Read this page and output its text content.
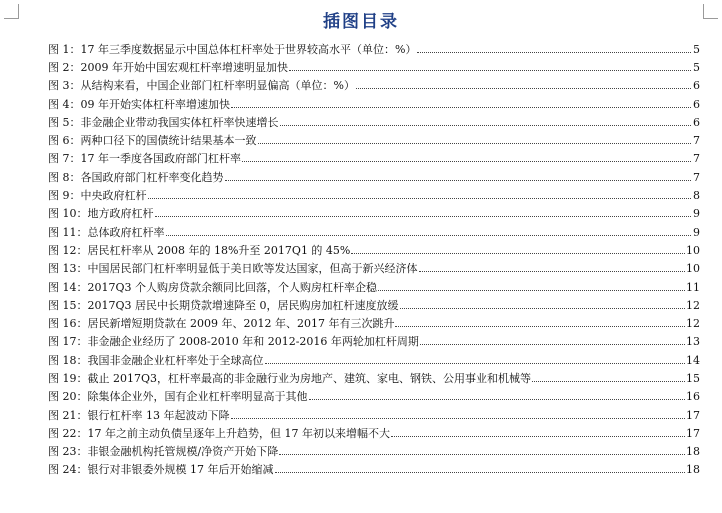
插图目录
图 1： 17 年三季度数据显示中国总体杠杆率处于世界较高水平（单位：%）	5
图 2： 2009 年开始中国宏观杠杆率增速明显加快	5
图 3： 从结构来看，中国企业部门杠杆率明显偏高（单位：%）	6
图 4： 09 年开始实体杠杆率增速加快	6
图 5： 非金融企业带动我国实体杠杆率快速增长	6
图 6： 两种口径下的国债统计结果基本一致	7
图 7： 17 年一季度各国政府部门杠杆率	7
图 8： 各国政府部门杠杆率变化趋势	7
图 9： 中央政府杠杆	8
图 10： 地方政府杠杆	9
图 11： 总体政府杠杆率	9
图 12： 居民杠杆率从 2008 年的 18%升至 2017Q1 的 45%	10
图 13： 中国居民部门杠杆率明显低于美日欧等发达国家，但高于新兴经济体	10
图 14： 2017Q3 个人购房贷款余额同比回落，个人购房杠杆率企稳	11
图 15： 2017Q3 居民中长期贷款增速降至 0，居民购房加杠杆速度放缓	12
图 16： 居民新增短期贷款在 2009 年、2012 年、2017 年有三次跳升	12
图 17： 非金融企业经历了 2008-2010 年和 2012-2016 年两轮加杠杆周期	13
图 18： 我国非金融企业杠杆率处于全球高位	14
图 19： 截止 2017Q3，杠杆率最高的非金融行业为房地产、建筑、家电、钢铁、公用事业和机械等	15
图 20： 除集体企业外，国有企业杠杆率明显高于其他	16
图 21： 银行杠杆率 13 年起波动下降	17
图 22： 17 年之前主动负债呈逐年上升趋势，但 17 年初以来增幅不大	17
图 23： 非银金融机构托管规模/净资产开始下降	18
图 24： 银行对非银委外规模 17 年后开始缩减	18
